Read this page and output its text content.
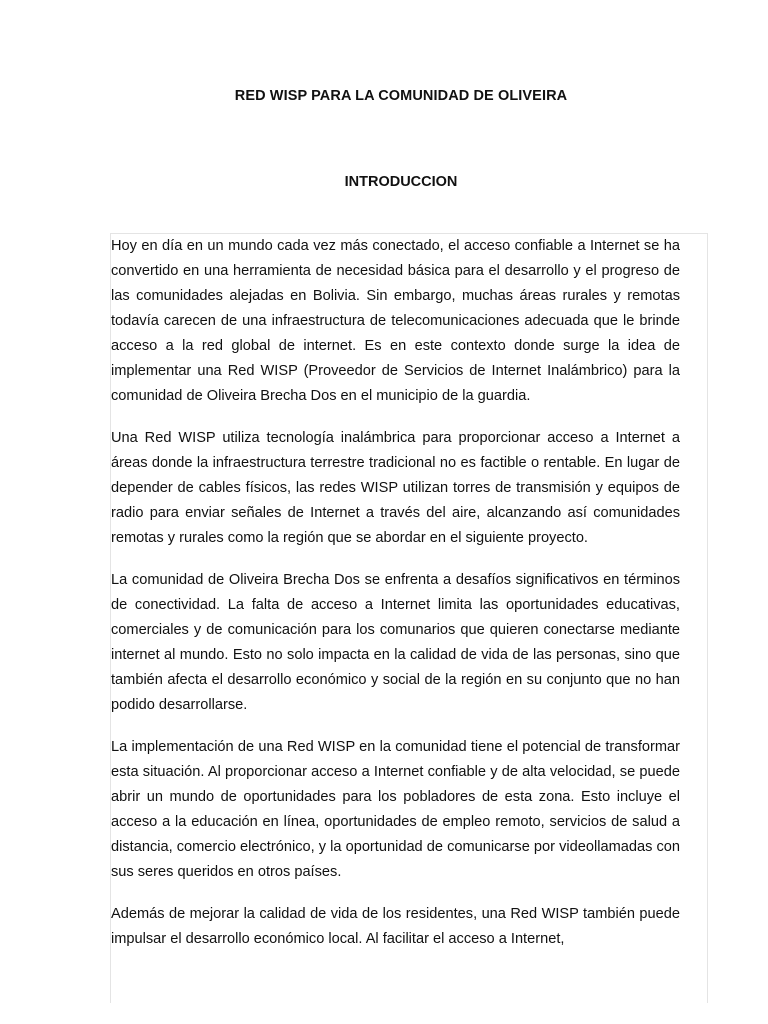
RED WISP PARA LA COMUNIDAD DE OLIVEIRA
INTRODUCCION

Hoy en día en un mundo cada vez más conectado, el acceso confiable a Internet se ha convertido en una herramienta de necesidad básica para el desarrollo y el progreso de las comunidades alejadas en Bolivia. Sin embargo, muchas áreas rurales y remotas todavía carecen de una infraestructura de telecomunicaciones adecuada que le brinde acceso a la red global de internet. Es en este contexto donde surge la idea de implementar una Red WISP (Proveedor de Servicios de Internet Inalámbrico) para la comunidad de Oliveira Brecha Dos en el municipio de la guardia.

Una Red WISP utiliza tecnología inalámbrica para proporcionar acceso a Internet a áreas donde la infraestructura terrestre tradicional no es factible o rentable. En lugar de depender de cables físicos, las redes WISP utilizan torres de transmisión y equipos de radio para enviar señales de Internet a través del aire, alcanzando así comunidades remotas y rurales como la región que se abordar en el siguiente proyecto.

La comunidad de Oliveira Brecha Dos se enfrenta a desafíos significativos en términos de conectividad. La falta de acceso a Internet limita las oportunidades educativas, comerciales y de comunicación para los comunarios que quieren conectarse mediante internet al mundo. Esto no solo impacta en la calidad de vida de las personas, sino que también afecta el desarrollo económico y social de la región en su conjunto que no han podido desarrollarse.

La implementación de una Red WISP en la comunidad tiene el potencial de transformar esta situación. Al proporcionar acceso a Internet confiable y de alta velocidad, se puede abrir un mundo de oportunidades para los pobladores de esta zona. Esto incluye el acceso a la educación en línea, oportunidades de empleo remoto, servicios de salud a distancia, comercio electrónico, y la oportunidad de comunicarse por videollamadas con sus seres queridos en otros países.

Además de mejorar la calidad de vida de los residentes, una Red WISP también puede impulsar el desarrollo económico local. Al facilitar el acceso a Internet,
